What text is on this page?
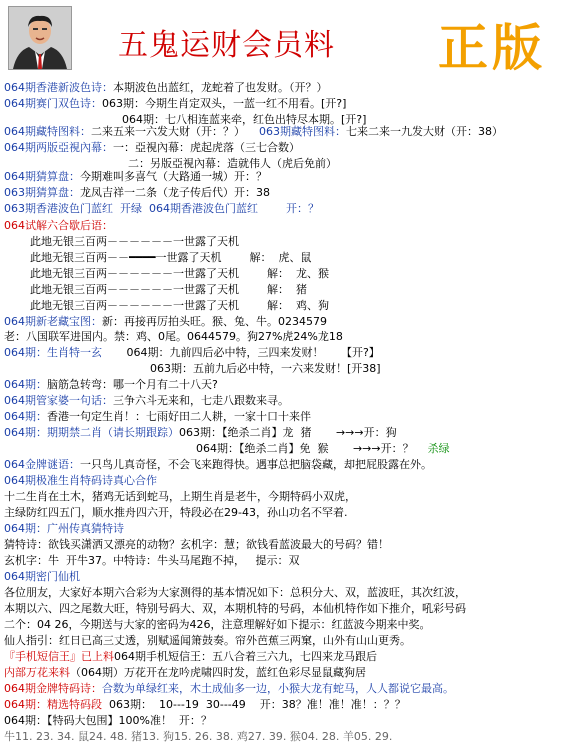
五鬼运财会员料 正版
064期香港新波色诗：本期波色出蓝红，龙蛇着了也发财。（开？）
064期赛门双色诗：063期：今期生肖定双头，一蓝一红不用看。[开?]
064期：七八相连蓝来牵，红色出特尽本期。[开?]
064期藏特图料：二来五来一六发大财（开：？）    063期藏特图料：七来二来一九发大财（开：38）
064期两版亞視內幕：一：亞視內幕：虎起虎落（三七合数）
二：另版亞視內幕：造就伟人（虎后免前）
064期猜算盘：今期难叫多喜气（大路通一城）开：？
063期猜算盘：龙凤吉祥一二条（龙子传后代）开：38
063期香港波色门蓝红  开绿  064期香港波色门蓝红        开：？
064试解六合歇后语：
此地无银三百两－－－－－－一世露了天机
此地无银三百两－－━━━━一世露了天机        解：  虎、鼠
此地无银三百两－－－－－－一世露了天机        解：  龙、猴
此地无银三百两－－－－－－一世露了天机        解：  猪
此地无银三百两－－－－－－一世露了天机        解：  鸡、狗
064期新老藏宝图：新：再接再厉拍头旺。猴、兔、牛。0234579
老：八国联军进国内。禁：鸡、0尾。0644579。狗27%虎24%龙18
064期：生肖特一玄       064期：九前四后必中特，三四来发财！     【开?】
063期：五前九后必中特，一六来发财！[开38]
064期：脑筋急转弯：哪一个月有二十八天?
064期管家婆一句话：三争六斗无来和，七走八跟数来寻。
064期：香港一句定生肖！：七雨好田二人耕，一家十口十来伴
064期：期期禁二肖（请长期跟踪）063期：【绝杀二肖】龙  猪       →→→开：狗
064期：【绝杀二肖】免  猴       →→→开：？    杀绿
064金牌谜语：一只鸟儿真奇怪，不会飞来跑得快。遇事总把脑袋藏，却把屁股露在外。
064期极准生肖特码诗真心合作
十二生肖在土木，猪鸡无话到蛇马，上期生肖是老牛，今期特码小双虎，
主绿防红四五门，顺水推舟四六开，特段必在29-43，孙山功名不罕着.
064期：广州传真猜特诗
猜特诗：欲钱买潇洒又漂亮的动物？玄机字：慧；欲钱看蓝波最大的号码？错！
玄机字：牛  开牛37。中特诗：牛头马尾跑不掉，   提示：双
064期密门仙机
各位朋友，大家好本期六合彩为大家测得的基本情况如下：总积分大、双，蓝波旺，其次红波，
本期以六、四之尾数大旺，特别号码大、双，本期机特的号码，本仙机特作如下推介，吼彩号码
二个：04 26，今期送与大家的密码为426，注意理解好如下提示：红蓝波今期来中奖。
仙人指引：红日已高三丈透，别赋遥闻箫鼓奏。帘外芭蕉三两窠，山外有山山更秀。
『手机短信王』已上料064期手机短信王：五八合着三六九，七四来龙马跟后
内部万花来料（064期）万花开在龙吟虎啸四时发，蓝红色彩尽显鼠藏狗居
064期金牌特码诗：合数为单绿红来，木土成仙多一边，小猴大龙有蛇马，人人都说它最高。
064期：精选特码段  063期：  10---19  30---49    开：38？准！准！准！：？？
064期：【特码大包围】100%准！  开：？
牛11. 23. 34. 鼠24. 48. 猪13. 狗15. 26. 38. 鸡27. 39. 猴04. 28. 羊05. 29.
